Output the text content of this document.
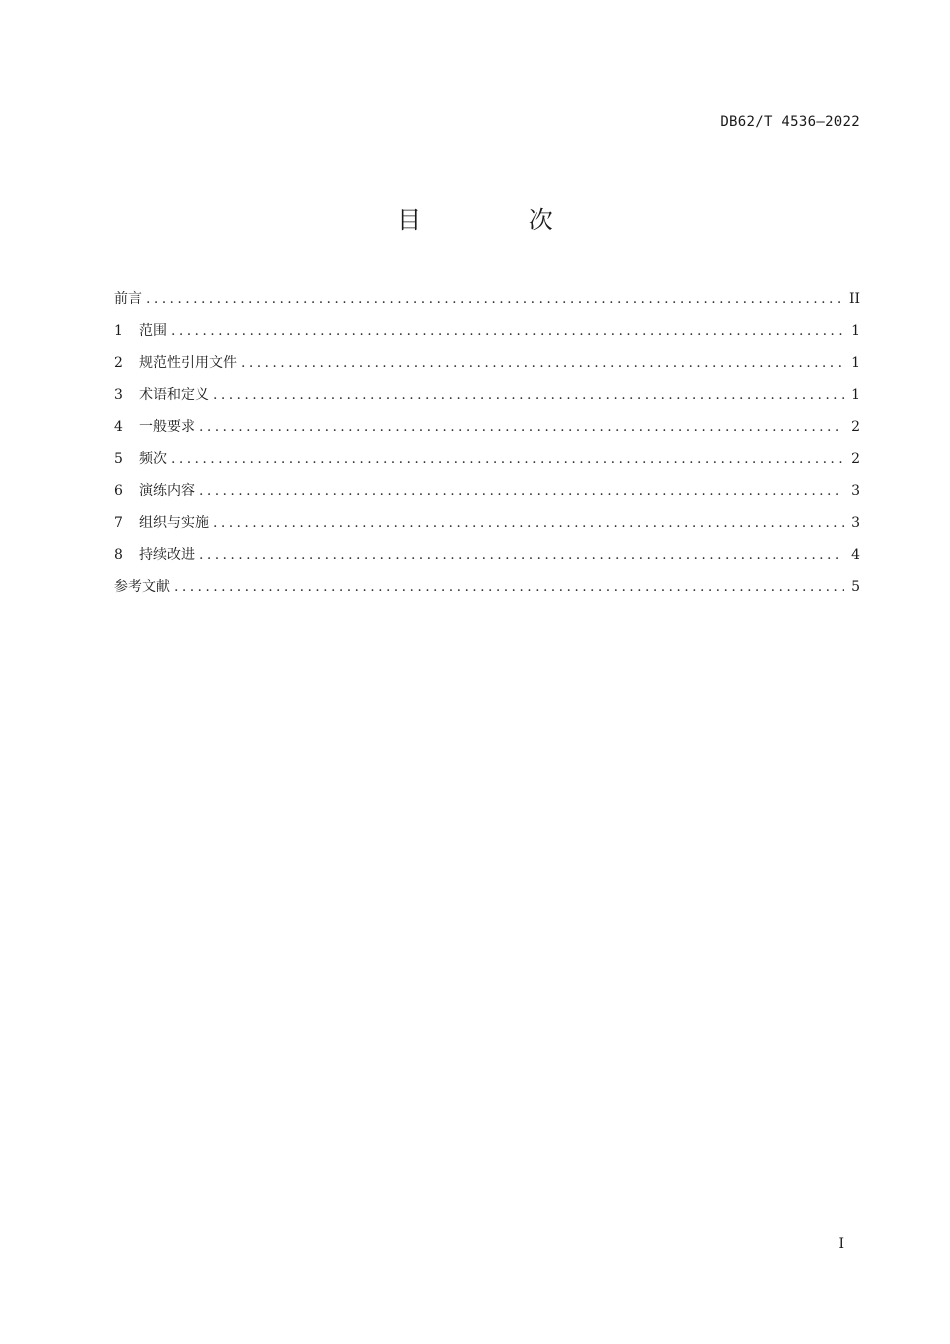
DB62/T 4536—2022
目 次
前言 .....	II
1	范围 .....	1
2	规范性引用文件 .....	1
3	术语和定义 .....	1
4	一般要求 .....	2
5	频次 .....	2
6	演练内容 .....	3
7	组织与实施 .....	3
8	持续改进 .....	4
参考文献 .....	5
I
